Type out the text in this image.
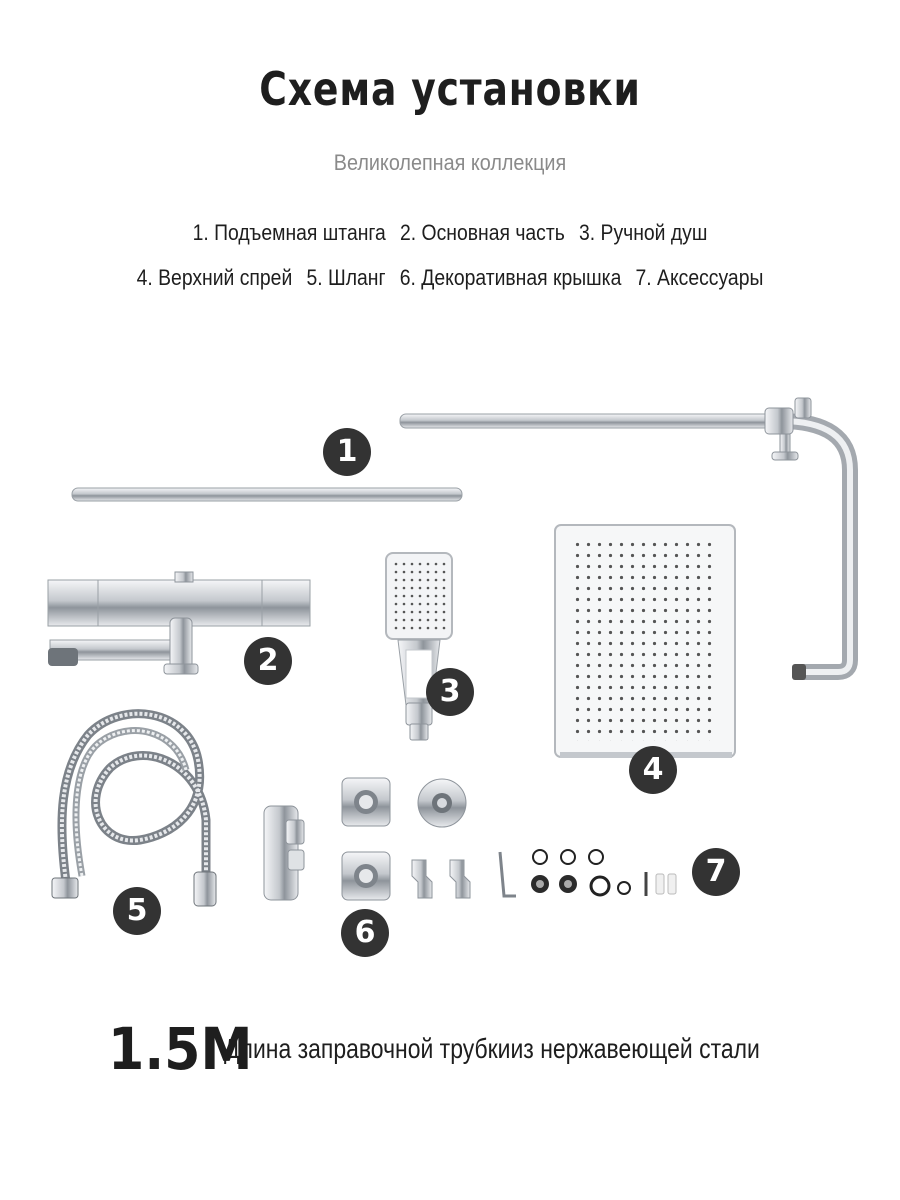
Схема установки
Великолепная коллекция
1. Подъемная штанга 2. Основная часть 3. Ручной душ
4. Верхний спрей 5. Шланг 6. Декоративная крышка 7. Аксессуары
1
2
3
4
5
6
7
1.5M Длина заправочной трубкииз нержавеющей стали
